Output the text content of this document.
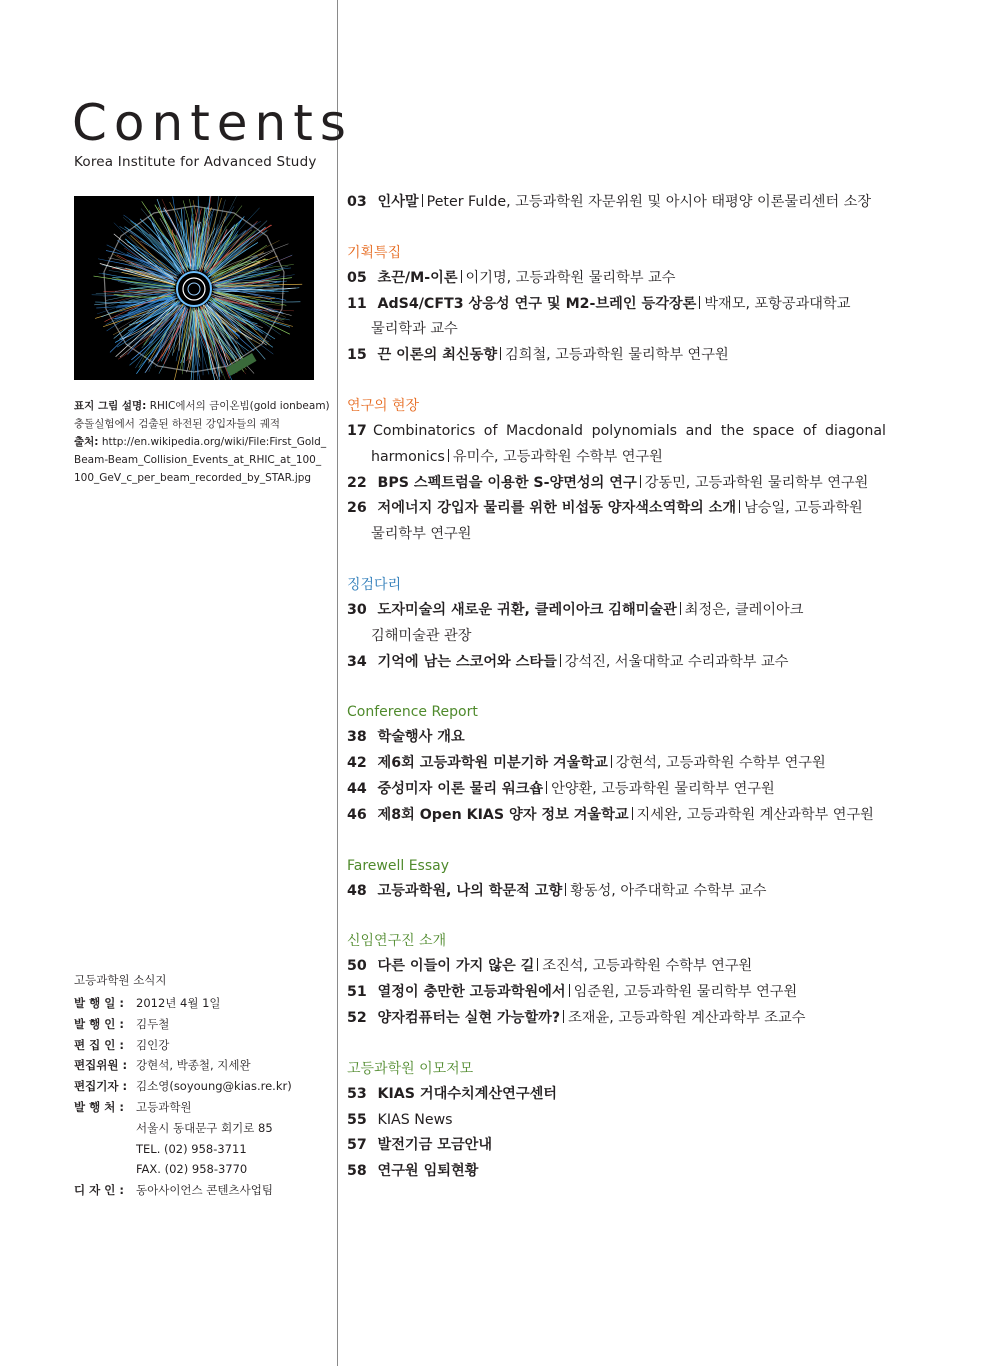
Contents
Korea Institute for Advanced Study
표지 그림 설명: RHIC에서의 금이온빔(gold ionbeam)
충돌실험에서 검출된 하전된 강입자들의 궤적
출처: http://en.wikipedia.org/wiki/File:First_Gold_
Beam-Beam_Collision_Events_at_RHIC_at_100_
100_GeV_c_per_beam_recorded_by_STAR.jpg
고등과학원 소식지
발 행 일 :	2012년 4월 1일
발 행 인 :	김두철
편 집 인 :	김인강
편집위원 : 강현석, 박종철, 지세완
편집기자 : 김소영(soyoung@kias.re.kr)
발 행 처 :	고등과학원
서울시 동대문구 회기로 85
TEL. (02) 958-3711
FAX. (02) 958-3770
디 자 인 :	동아사이언스 콘텐츠사업팀
03 인사말 Peter Fulde, 고등과학원 자문위원 및 아시아 태평양 이론물리센터 소장
기획특집
05 초끈/M-이론 이기명, 고등과학원 물리학부 교수
11 AdS4/CFT3 상응성 연구 및 M2-브레인 등각장론 박재모, 포항공과대학교
물리학과 교수
15 끈 이론의 최신동향 김희철, 고등과학원 물리학부 연구원
연구의 현장
17 Combinatorics of Macdonald polynomials and the space of diagonal
harmonics 유미수, 고등과학원 수학부 연구원
22 BPS 스펙트럼을 이용한 S-양면성의 연구 강동민, 고등과학원 물리학부 연구원
26 저에너지 강입자 물리를 위한 비섭동 양자색소역학의 소개 남승일, 고등과학원
물리학부 연구원
징검다리
30 도자미술의 새로운 귀환, 클레이아크 김해미술관 최정은, 클레이아크
김해미술관 관장
34 기억에 남는 스코어와 스타들 강석진, 서울대학교 수리과학부 교수
Conference Report
38 학술행사 개요
42 제6회 고등과학원 미분기하 겨울학교 강현석, 고등과학원 수학부 연구원
44 중성미자 이론 물리 워크숍 안양환, 고등과학원 물리학부 연구원
46 제8회 Open KIAS 양자 정보 겨울학교 지세완, 고등과학원 계산과학부 연구원
Farewell Essay
48 고등과학원, 나의 학문적 고향 황동성, 아주대학교 수학부 교수
신임연구진 소개
50 다른 이들이 가지 않은 길 조진석, 고등과학원 수학부 연구원
51 열정이 충만한 고등과학원에서 임준원, 고등과학원 물리학부 연구원
52 양자컴퓨터는 실현 가능할까? 조재윤, 고등과학원 계산과학부 조교수
고등과학원 이모저모
53 KIAS 거대수치계산연구센터
55 KIAS News
57 발전기금 모금안내
58 연구원 임퇴현황
